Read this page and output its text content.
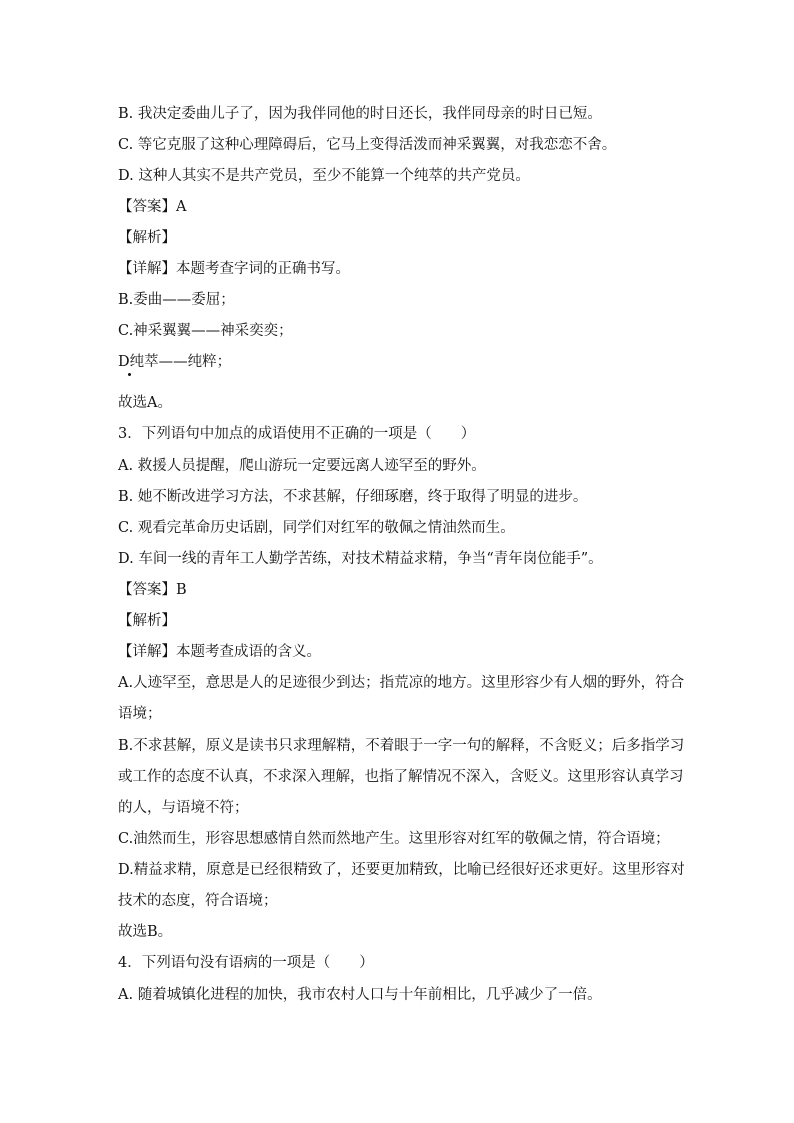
B. 我决定委曲儿子了，因为我伴同他的时日还长，我伴同母亲的时日已短。
C. 等它克服了这种心理障碍后，它马上变得活泼而神采翼翼，对我恋恋不舍。
D. 这种人其实不是共产党员，至少不能算一个纯萃的共产党员。
【答案】A
【解析】
【详解】本题考查字词的正确书写。
B.委曲——委屈；
C.神采翼翼——神采奕奕；
D纯萃——纯粹；
故选A。
3．下列语句中加点的成语使用不正确的一项是（　　）
A. 救援人员提醒，爬山游玩一定要远离人迹罕至的野外。
B. 她不断改进学习方法，不求甚解，仔细琢磨，终于取得了明显的进步。
C. 观看完革命历史话剧，同学们对红军的敬佩之情油然而生。
D. 车间一线的青年工人勤学苦练，对技术精益求精，争当“青年岗位能手”。
【答案】B
【解析】
【详解】本题考查成语的含义。
A.人迹罕至，意思是人的足迹很少到达；指荒凉的地方。这里形容少有人烟的野外，符合
语境；
B.不求甚解，原义是读书只求理解精，不着眼于一字一句的解释，不含贬义；后多指学习
或工作的态度不认真，不求深入理解，也指了解情况不深入，含贬义。这里形容认真学习
的人，与语境不符；
C.油然而生，形容思想感情自然而然地产生。这里形容对红军的敬佩之情，符合语境；
D.精益求精，原意是已经很精致了，还要更加精致，比喻已经很好还求更好。这里形容对
技术的态度，符合语境；
故选B。
4．下列语句没有语病的一项是（　　）
A. 随着城镇化进程的加快，我市农村人口与十年前相比，几乎减少了一倍。
